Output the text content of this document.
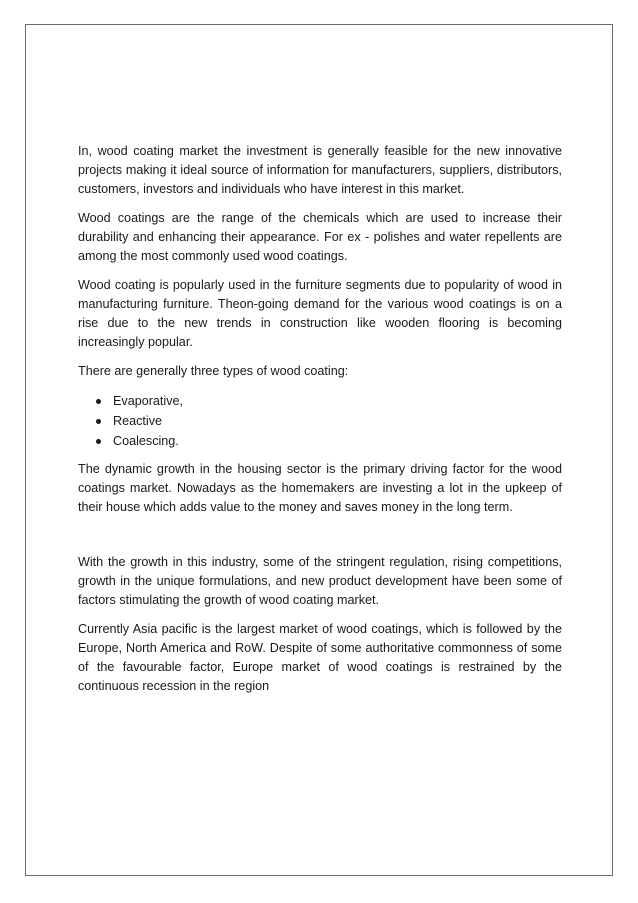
In, wood coating market the investment is generally feasible for the new innovative projects making it ideal source of information for manufacturers, suppliers, distributors, customers, investors and individuals who have interest in this market.

Wood coatings are the range of the chemicals which are used to increase their durability and enhancing their appearance. For ex - polishes and water repellents are among the most commonly used wood coatings.

Wood coating is popularly used in the furniture segments due to popularity of wood in manufacturing furniture. Theon-going demand for the various wood coatings is on a rise due to the new trends in construction like wooden flooring is becoming increasingly popular.

There are generally three types of wood coating:

Evaporative,
Reactive
Coalescing.

The dynamic growth in the housing sector is the primary driving factor for the wood coatings market. Nowadays as the homemakers are investing a lot in the upkeep of their house which adds value to the money and saves money in the long term.

With the growth in this industry, some of the stringent regulation, rising competitions, growth in the unique formulations, and new product development have been some of factors stimulating the growth of wood coating market.

Currently Asia pacific is the largest market of wood coatings, which is followed by the Europe, North America and RoW. Despite of some authoritative commonness of some of the favourable factor, Europe market of wood coatings is restrained by the continuous recession in the region
